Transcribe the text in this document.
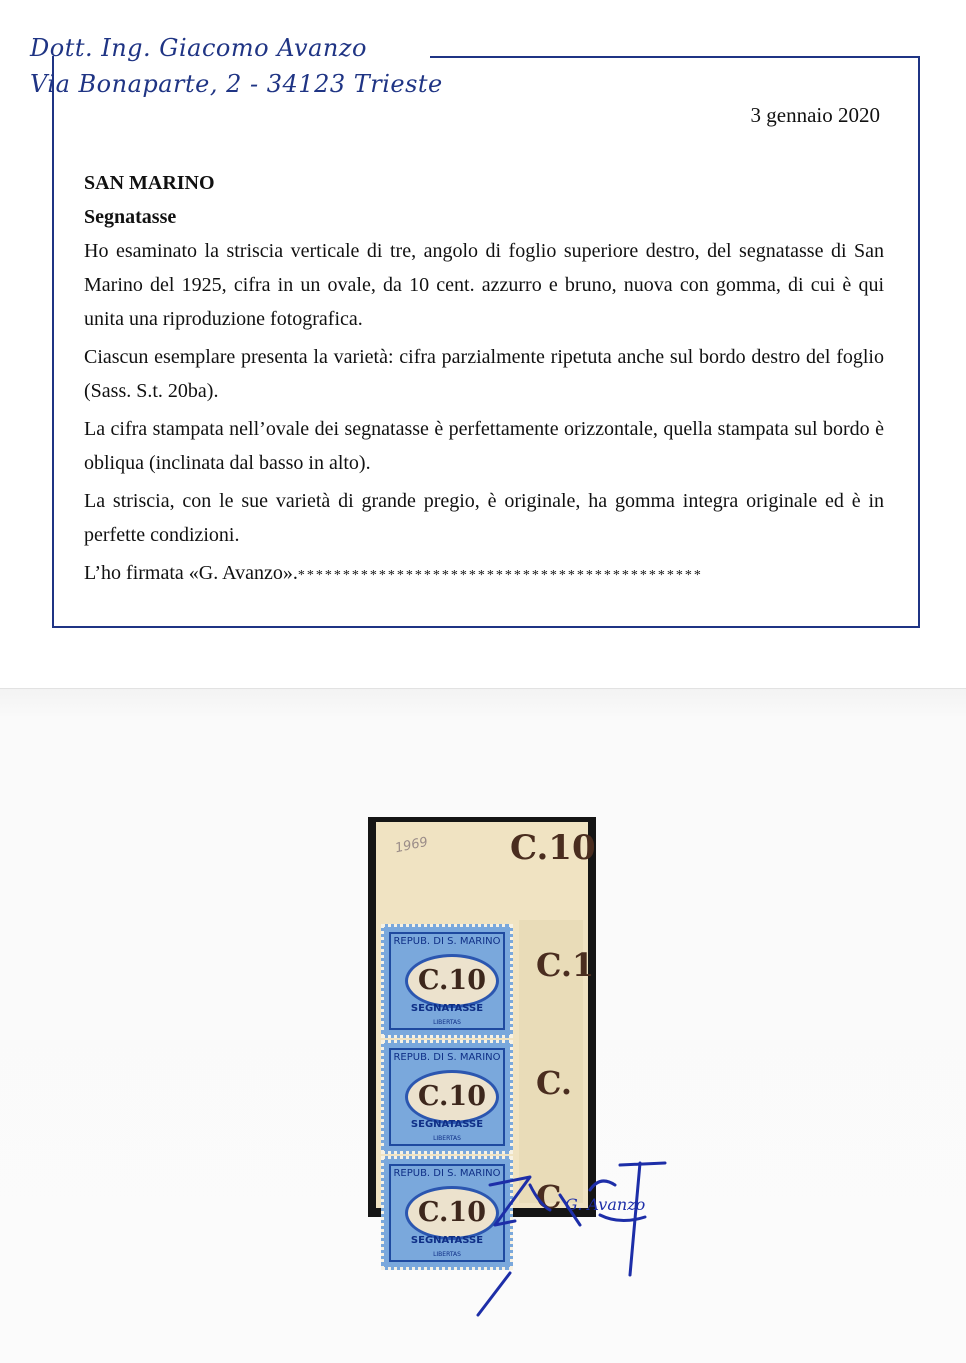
Dott. Ing. Giacomo Avanzo
Via Bonaparte, 2 - 34123 Trieste
3 gennaio 2020
SAN MARINO
Segnatasse

Ho esaminato la striscia verticale di tre, angolo di foglio superiore destro, del segnatasse di San Marino del 1925, cifra in un ovale, da 10 cent. azzurro e bruno, nuova con gomma, di cui è qui unita una riproduzione fotografica.

Ciascun esemplare presenta la varietà: cifra parzialmente ripetuta anche sul bordo destro del foglio (Sass. S.t. 20ba).

La cifra stampata nell’ovale dei segnatasse è perfettamente orizzontale, quella stampata sul bordo è obliqua (inclinata dal basso in alto).

La striscia, con le sue varietà di grande pregio, è originale, ha gomma integra originale ed è in perfette condizioni.

L’ho firmata «G. Avanzo».*********************************************
1969 C.10
REPUB. DI S. MARINO
C.10
SEGNATASSE
LIBERTAS
C.1
REPUB. DI S. MARINO
C.10
SEGNATASSE
LIBERTAS
C.
REPUB. DI S. MARINO
C.10
SEGNATASSE
LIBERTAS
C G. Avanzo
